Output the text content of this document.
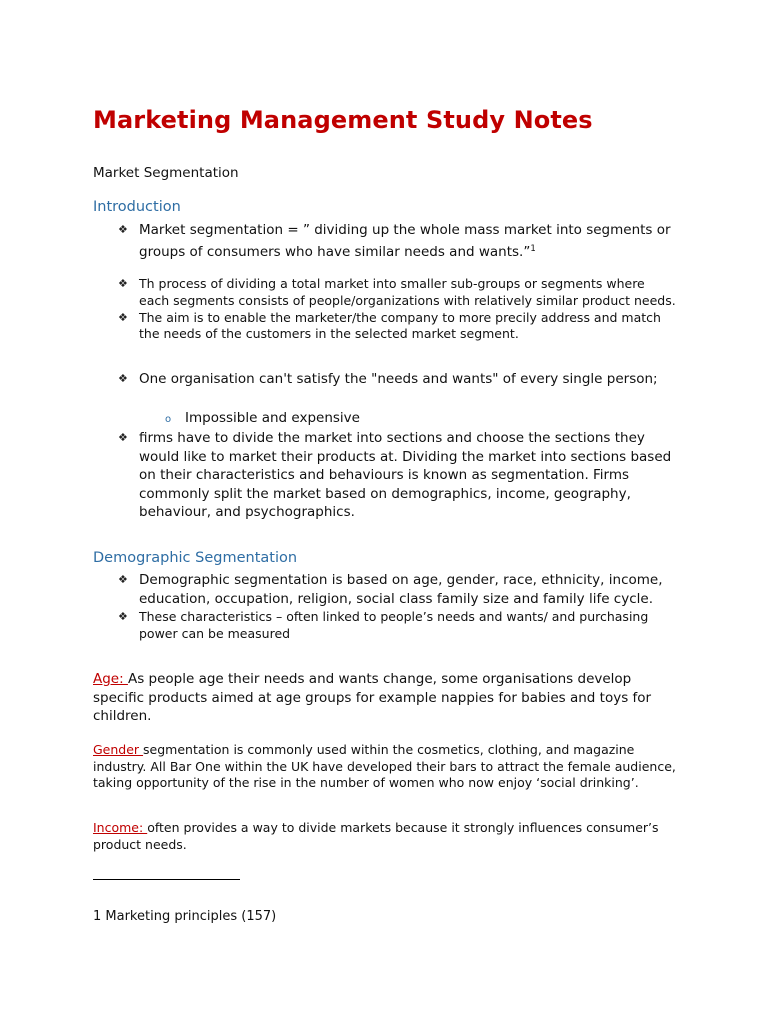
Marketing Management Study Notes
Market Segmentation
Introduction
❖ Market segmentation = ” dividing up the whole mass market into segments or groups of consumers who have similar needs and wants.”$^1$
❖ Th process of dividing a total market into smaller sub-groups or segments where each segments consists of people/organizations with relatively similar product needs.
❖ The aim is to enable the marketer/the company to more precily address and match the needs of the customers in the selected market segment.
❖ One organisation can't satisfy the "needs and wants" of every single person;
o Impossible and expensive
❖ firms have to divide the market into sections and choose the sections they would like to market their products at. Dividing the market into sections based on their characteristics and behaviours is known as segmentation. Firms commonly split the market based on demographics, income, geography, behaviour, and psychographics.
Demographic Segmentation
❖ Demographic segmentation is based on age, gender, race, ethnicity, income, education, occupation, religion, social class family size and family life cycle.
❖ These characteristics – often linked to people’s needs and wants/ and purchasing power can be measured

Age: As people age their needs and wants change, some organisations develop specific products aimed at age groups for example nappies for babies and toys for children.

Gender segmentation is commonly used within the cosmetics, clothing, and magazine industry. All Bar One within the UK have developed their bars to attract the female audience, taking opportunity of the rise in the number of women who now enjoy ‘social drinking’.

Income: often provides a way to divide markets because it strongly influences consumer’s product needs.

1 Marketing principles (157)
